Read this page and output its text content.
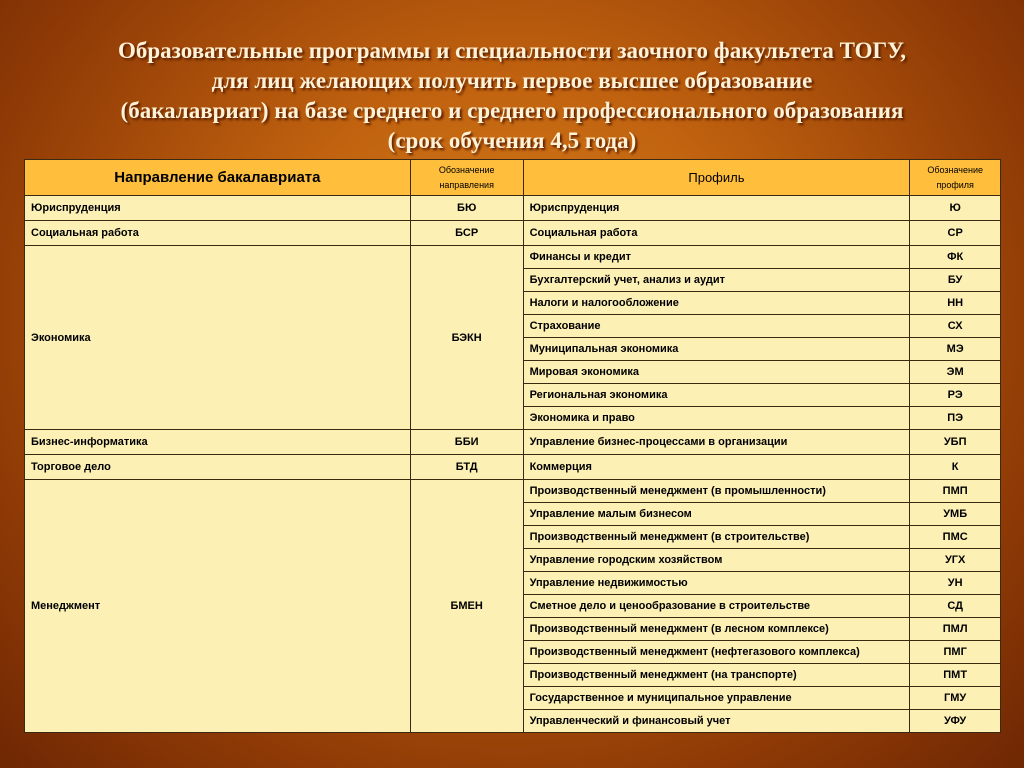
Образовательные программы и специальности заочного факультета ТОГУ,
для лиц желающих получить первое высшее образование
(бакалавриат) на базе среднего и среднего профессионального образования
(срок обучения 4,5 года)
Направление бакалавриата	Обозначение направления	Профиль	Обозначение профиля
Юриспруденция	БЮ	Юриспруденция	Ю
Социальная работа	БСР	Социальная работа	СР
Экономика	БЭКН	Финансы и кредит	ФК
		Бухгалтерский учет, анализ и аудит	БУ
		Налоги и налогообложение	НН
		Страхование	СХ
		Муниципальная экономика	МЭ
		Мировая экономика	ЭМ
		Региональная экономика	РЭ
		Экономика и право	ПЭ
Бизнес-информатика	ББИ	Управление бизнес-процессами в организации	УБП
Торговое дело	БТД	Коммерция	К
Менеджмент	БМЕН	Производственный менеджмент (в промышленности)	ПМП
		Управление малым бизнесом	УМБ
		Производственный менеджмент (в строительстве)	ПМС
		Управление городским хозяйством	УГХ
		Управление недвижимостью	УН
		Сметное дело и ценообразование в строительстве	СД
		Производственный менеджмент (в лесном комплексе)	ПМЛ
		Производственный менеджмент (нефтегазового комплекса)	ПМГ
		Производственный менеджмент (на транспорте)	ПМТ
		Государственное и муниципальное управление	ГМУ
		Управленческий и финансовый учет	УФУ
